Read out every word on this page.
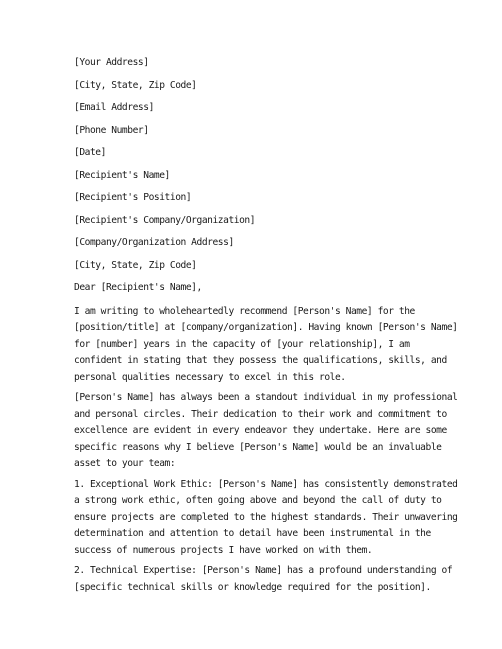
[Your Address]
[City, State, Zip Code]
[Email Address]
[Phone Number]
[Date]
[Recipient's Name]
[Recipient's Position]
[Recipient's Company/Organization]
[Company/Organization Address]
[City, State, Zip Code]
Dear [Recipient's Name],
I am writing to wholeheartedly recommend [Person's Name] for the
[position/title] at [company/organization]. Having known [Person's Name]
for [number] years in the capacity of [your relationship], I am
confident in stating that they possess the qualifications, skills, and
personal qualities necessary to excel in this role.
[Person's Name] has always been a standout individual in my professional
and personal circles. Their dedication to their work and commitment to
excellence are evident in every endeavor they undertake. Here are some
specific reasons why I believe [Person's Name] would be an invaluable
asset to your team:
1. Exceptional Work Ethic: [Person's Name] has consistently demonstrated
a strong work ethic, often going above and beyond the call of duty to
ensure projects are completed to the highest standards. Their unwavering
determination and attention to detail have been instrumental in the
success of numerous projects I have worked on with them.
2. Technical Expertise: [Person's Name] has a profound understanding of
[specific technical skills or knowledge required for the position].
